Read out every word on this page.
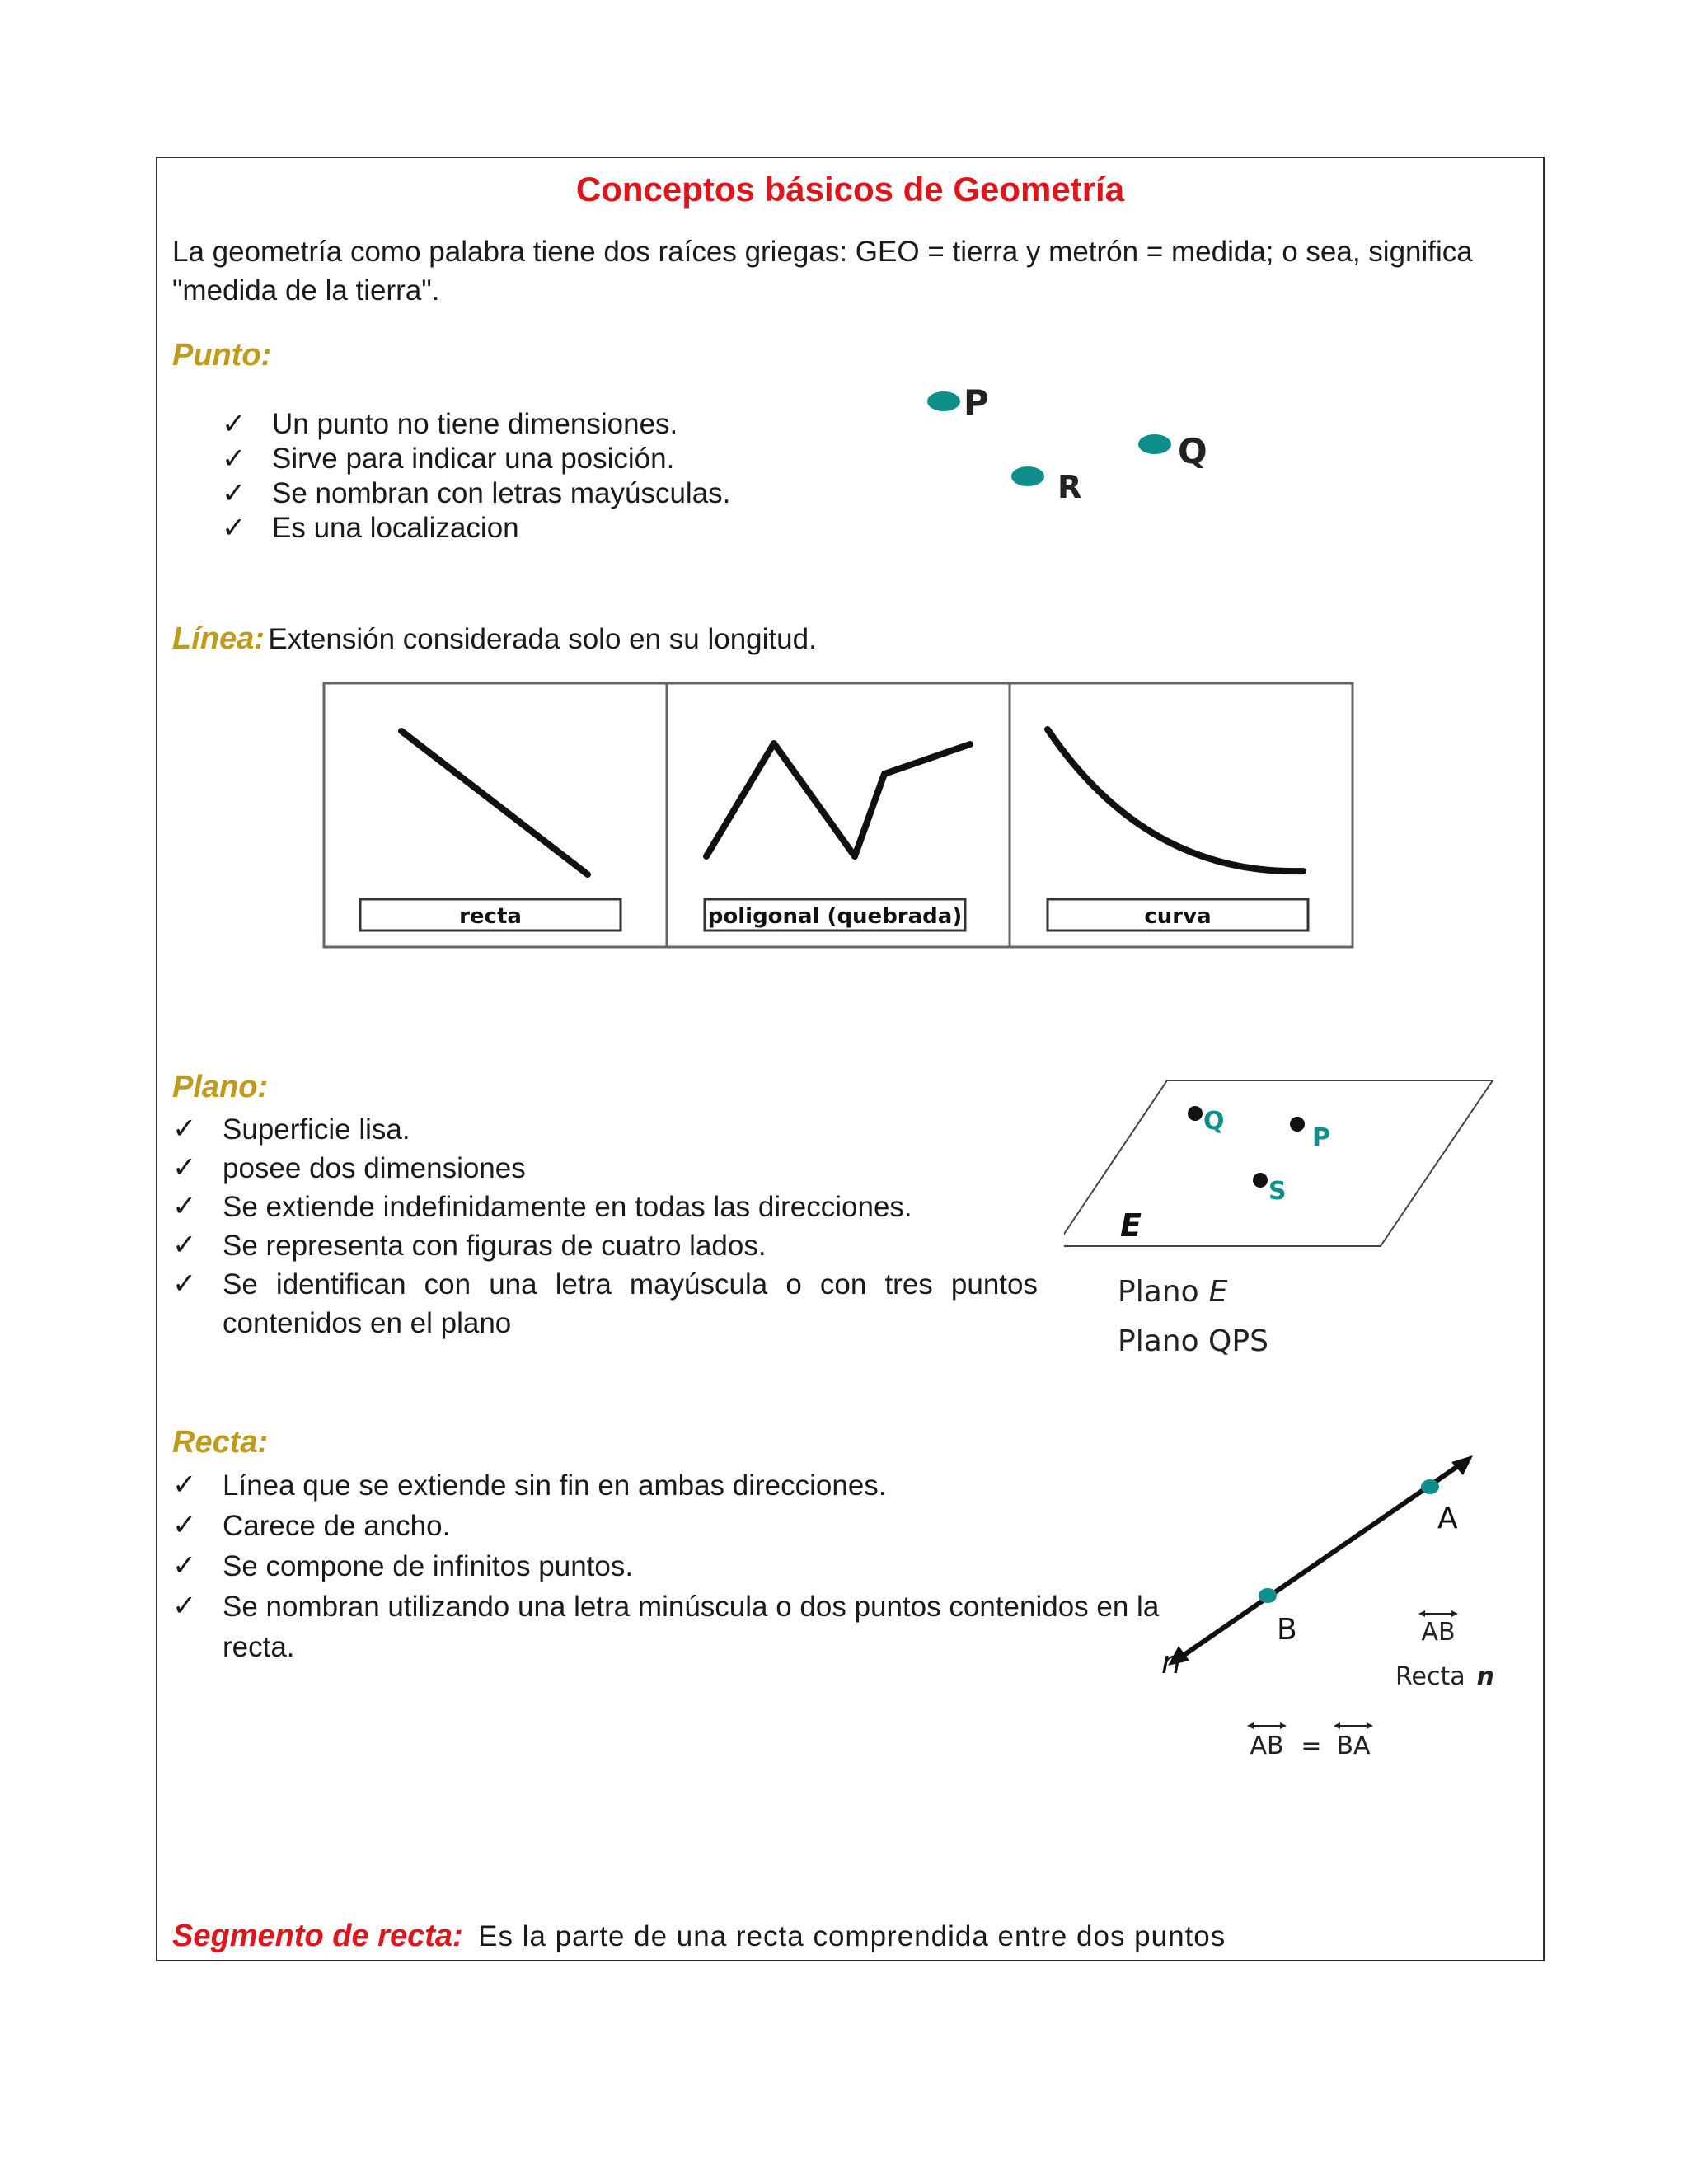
Conceptos básicos de Geometría
La geometría como palabra tiene dos raíces griegas: GEO = tierra y metrón = medida; o sea, significa "medida de la tierra".
Punto:
✓ Un punto no tiene dimensiones.
✓ Sirve para indicar una posición.
✓ Se nombran con letras mayúsculas.
✓ Es una localizacion
P
Q
R
Línea: Extensión considerada solo en su longitud.
recta	poligonal (quebrada)	curva
Plano:
✓ Superficie lisa.
✓ posee dos dimensiones
✓ Se extiende indefinidamente en todas las direcciones.
✓ Se representa con figuras de cuatro lados.
✓ Se identifican con una letra mayúscula o con tres puntos contenidos en el plano
Q
P
S
E
Plano E
Plano QPS
Recta:
✓ Línea que se extiende sin fin en ambas direcciones.
✓ Carece de ancho.
✓ Se compone de infinitos puntos.
✓ Se nombran utilizando una letra minúscula o dos puntos contenidos en la recta.
A
B
n
AB
Recta n
AB = BA
Segmento de recta: Es la parte de una recta comprendida entre dos puntos
